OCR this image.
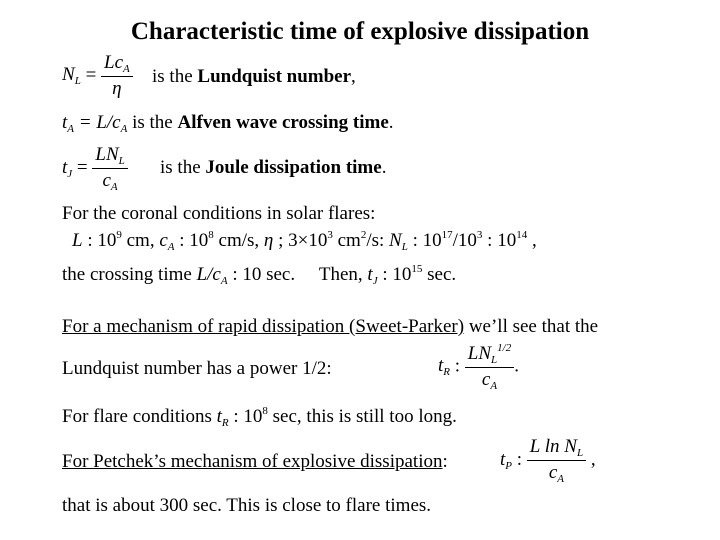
Characteristic time of explosive dissipation
$N_L = \frac{Lc_A}{\eta}$ is the Lundquist number,
$t_A = L/c_A$ is the Alfven wave crossing time.
$t_J = \frac{LN_L}{c_A}$ is the Joule dissipation time.
For the coronal conditions in solar flares:
L : $10^9$ cm, $c_A$ : $10^8$ cm/s, η ; $3\times 10^3$ $cm^2/s$: $N_L$ : $10^{17}/10^3$ : $10^{14}$ ,
the crossing time $L/c_A$ : 10 sec. Then, $t_J$ : $10^{15}$ sec.
For a mechanism of rapid dissipation (Sweet-Parker) we’ll see that the
Lundquist number has a power 1/2:	$t_R$ : $\frac{LN_L^{1/2}}{c_A}$ .
For flare conditions $t_R$ : $10^8$ sec, this is still too long.
For Petchek’s mechanism of explosive dissipation:	$t_P$ : $\frac{L \ln N_L}{c_A}$ ,
that is about 300 sec. This is close to flare times.
